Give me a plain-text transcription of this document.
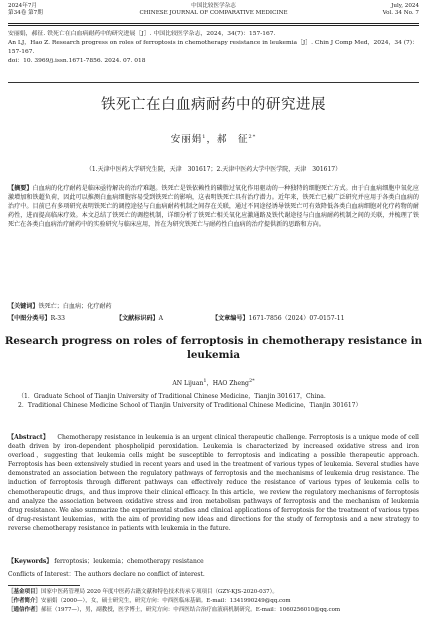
2024年7月
第34卷 第7期
中国比较医学杂志
CHINESE JOURNAL OF COMPARATIVE MEDICINE
July, 2024
Vol. 34 No. 7
安丽娟，郝征. 铁死亡在白血病耐药中的研究进展［J］. 中国比较医学杂志，2024，34(7)：157-167.
An LJ，Hao Z. Research progress on roles of ferroptosis in chemotherapy resistance in leukemia［J］. Chin J Comp Med，2024，34 (7)：157-167.
doi：10. 3969/j.issn.1671-7856. 2024. 07. 018
铁死亡在白血病耐药中的研究进展
安丽娟$^1$，郝　征$^{2*}$
（1.天津中医药大学研究生院，天津　301617；2.天津中医药大学中医学院，天津　301617）
【摘要】白血病的化疗耐药是临床亟待解决的治疗难题。铁死亡是铁依赖性的磷脂过氧化作用驱动的一种独特的细胞死亡方式。由于白血病细胞中氧化应激增加和铁超负荷，因此可以推测白血病细胞容易受到铁死亡的影响，这表明铁死亡具有治疗潜力。近年来，铁死亡已被广泛研究并应用于各类白血病的治疗中。目前已有多项研究表明铁死亡的调控途径与白血病耐药机制之间存在关联，通过不同途径诱导铁死亡可有效降低各类白血病细胞对化疗药物的耐药性，进而提高临床疗效。本文总结了铁死亡的调控机制，详细分析了铁死亡相关氧化应激通路及铁代谢途径与白血病耐药机制之间的关联，并梳理了铁死亡在各类白血病治疗耐药中的实验研究与临床应用，旨在为研究铁死亡与耐药性白血病的治疗提供新的思路和方向。
【关键词】铁死亡；白血病；化疗耐药
【中图分类号】R-33	【文献标识码】A	【文章编号】1671-7856（2024）07-0157-11
Research progress on roles of ferroptosis in chemotherapy resistance in leukemia
AN Lijuan$^1$，HAO Zheng$^{2*}$
（1．Graduate School of Tianjin University of Traditional Chinese Medicine，Tianjin 301617，China.
2．Traditional Chinese Medicine School of Tianjin University of Traditional Chinese Medicine，Tianjin 301617）
【Abstract】 Chemotherapy resistance in leukemia is an urgent clinical therapeutic challenge. Ferroptosis is a unique mode of cell death driven by iron-dependent phospholipid peroxidation. Leukemia is characterized by increased oxidative stress and iron overload，suggesting that leukemia cells might be susceptible to ferroptosis and indicating a possible therapeutic approach. Ferroptosis has been extensively studied in recent years and used in the treatment of various types of leukemia. Several studies have demonstrated an association between the regulatory pathways of ferroptosis and the mechanisms of leukemia drug resistance. The induction of ferroptosis through different pathways can effectively reduce the resistance of various types of leukemia cells to chemotherapeutic drugs，and thus improve their clinical efficacy. In this article，we review the regulatory mechanisms of ferroptosis and analyze the association between oxidative stress and iron metabolism pathways of ferroptosis and the mechanism of leukemia drug resistance. We also summarize the experimental studies and clinical applications of ferroptosis for the treatment of various types of drug-resistant leukemias，with the aim of providing new ideas and directions for the study of ferroptosis and a new strategy to reverse chemotherapy resistance in patients with leukemia in the future.
【Keywords】 ferroptosis；leukemia；chemotherapy resistance
Conflicts of Interest：The authors declare no conflict of interest.
［基金项目］国家中医药管理局 2020 年度中医药古籍文献和特色技术传承专项项目（GZY-KJS-2020-037）。
［作者简介］安丽娟（2000—），女，硕士研究生，研究方向：中西医临床基础。E-mail：1341990249@qq.com
［通信作者］郝征（1977—），男，副教授，医学博士，研究方向：中西医结合治疗血液病机制研究。E-mail：1060256010@qq.com
